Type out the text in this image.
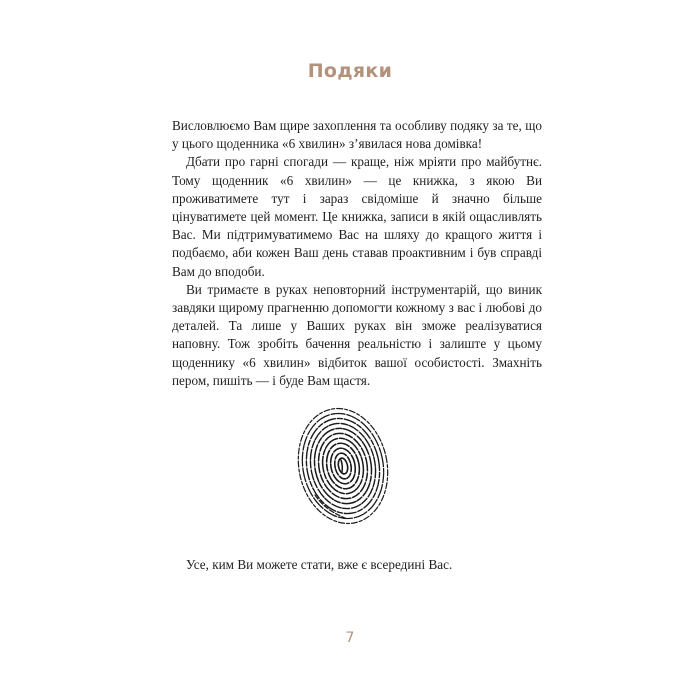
Подяки

Висловлюємо Вам щире захоплення та особливу подяку за те, що у цього щоденника «6 хвилин» з’явилася нова домівка!

Дбати про гарні спогади — краще, ніж мріяти про майбутнє. Тому щоденник «6 хвилин» — це книжка, з якою Ви проживатимете тут і зараз свідоміше й значно більше цінуватимете цей момент. Це книжка, записи в якій ощасливлять Вас. Ми підтримуватимемо Вас на шляху до кращого життя і подбаємо, аби кожен Ваш день ставав проактивним і був справді Вам до вподоби.

Ви тримаєте в руках неповторний інструментарій, що виник завдяки щирому прагненню допомогти кожному з вас і любові до деталей. Та лише у Ваших руках він зможе реалізуватися наповну. Тож зробіть бачення реальністю і залиште у цьому щоденнику «6 хвилин» відбиток вашої особистості. Змахніть пером, пишіть — і буде Вам щастя.

Усе, ким Ви можете стати, вже є всередині Вас.

7
